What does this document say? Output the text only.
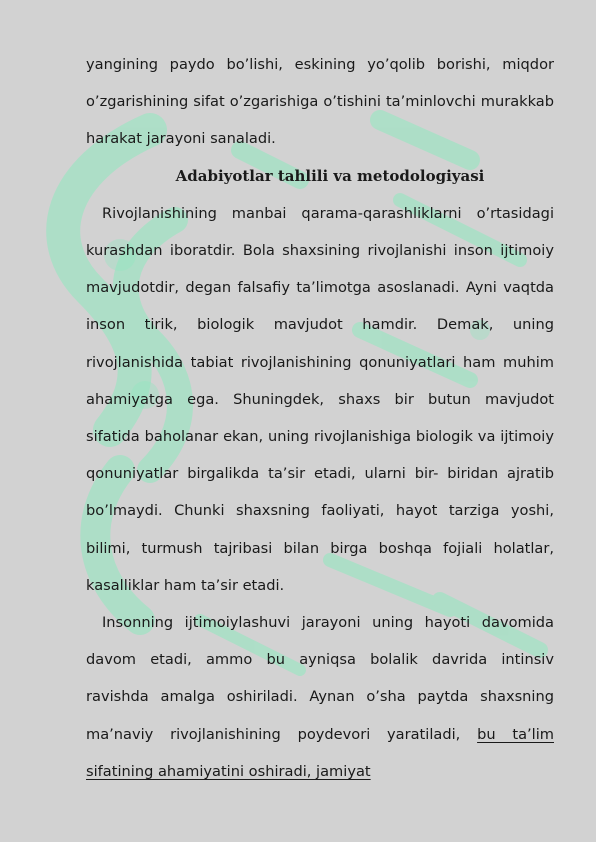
yangining paydo bo’lishi, eskining yo’qolib borishi, miqdor o’zgarishining sifat o’zgarishiga o’tishini ta’minlovchi murakkab harakat jarayoni sanaladi.

Adabiyotlar tahlili va metodologiyasi

Rivojlanishining manbai qarama-qarashliklarni o’rtasidagi kurashdan iboratdir. Bola shaxsining rivojlanishi inson ijtimoiy mavjudotdir, degan falsafiy ta’limotga asoslanadi. Ayni vaqtda inson tirik, biologik mavjudot hamdir. Demak, uning rivojlanishida tabiat rivojlanishining qonuniyatlari ham muhim ahamiyatga ega. Shuningdek, shaxs bir butun mavjudot sifatida baholanar ekan, uning rivojlanishiga biologik va ijtimoiy qonuniyatlar birgalikda ta’sir etadi, ularni bir- biridan ajratib bo’lmaydi. Chunki shaxsning faoliyati, hayot tarziga yoshi, bilimi, turmush tajribasi bilan birga boshqa fojiali holatlar, kasalliklar ham ta’sir etadi.

Insonning ijtimoiylashuvi jarayoni uning hayoti davomida davom etadi, ammo bu ayniqsa bolalik davrida intinsiv ravishda amalga oshiriladi. Aynan o’sha paytda shaxsning ma’naviy rivojlanishining poydevori yaratiladi, bu ta’lim sifatining ahamiyatini oshiradi, jamiyat
